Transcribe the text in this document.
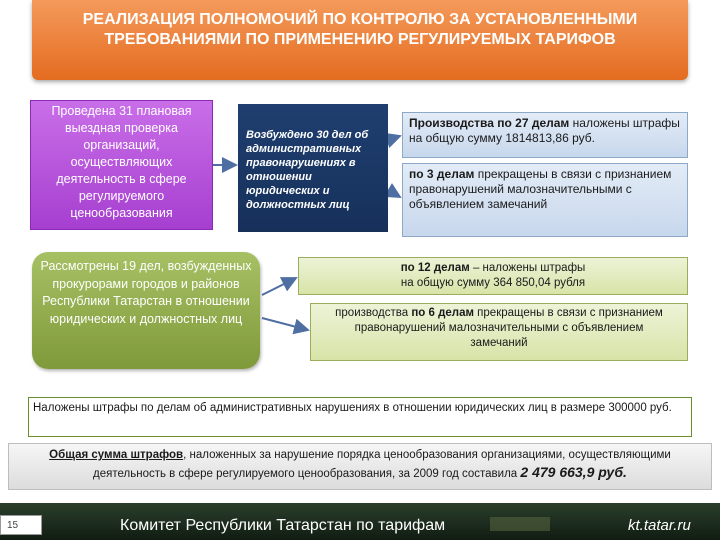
РЕАЛИЗАЦИЯ ПОЛНОМОЧИЙ ПО КОНТРОЛЮ ЗА УСТАНОВЛЕННЫМИ
ТРЕБОВАНИЯМИ ПО ПРИМЕНЕНИЮ РЕГУЛИРУЕМЫХ ТАРИФОВ
Проведена 31 плановая выездная проверка организаций, осуществляющих деятельность в сфере регулируемого ценообразования
Возбуждено 30 дел об административных правонарушениях в отношении юридических и должностных лиц
Производства по 27 делам наложены штрафы на общую сумму 1814813,86 руб.
по 3 делам прекращены в связи с признанием правонарушений малозначительными с объявлением замечаний
Рассмотрены 19 дел, возбужденных прокурорами городов и районов Республики Татарстан в отношении юридических и должностных лиц
по 12 делам – наложены штрафы
на общую сумму 364 850,04 рубля
производства по 6 делам прекращены в связи с признанием
правонарушений малозначительными с объявлением
замечаний
Наложены штрафы по делам об административных нарушениях в отношении юридических лиц в размере 300000 руб.
Общая сумма штрафов, наложенных за нарушение порядка ценообразования организациями, осуществляющими
деятельность в сфере регулируемого ценообразования, за 2009 год составила 2 479 663,9 руб.
15	Комитет Республики Татарстан по тарифам	kt.tatar.ru
